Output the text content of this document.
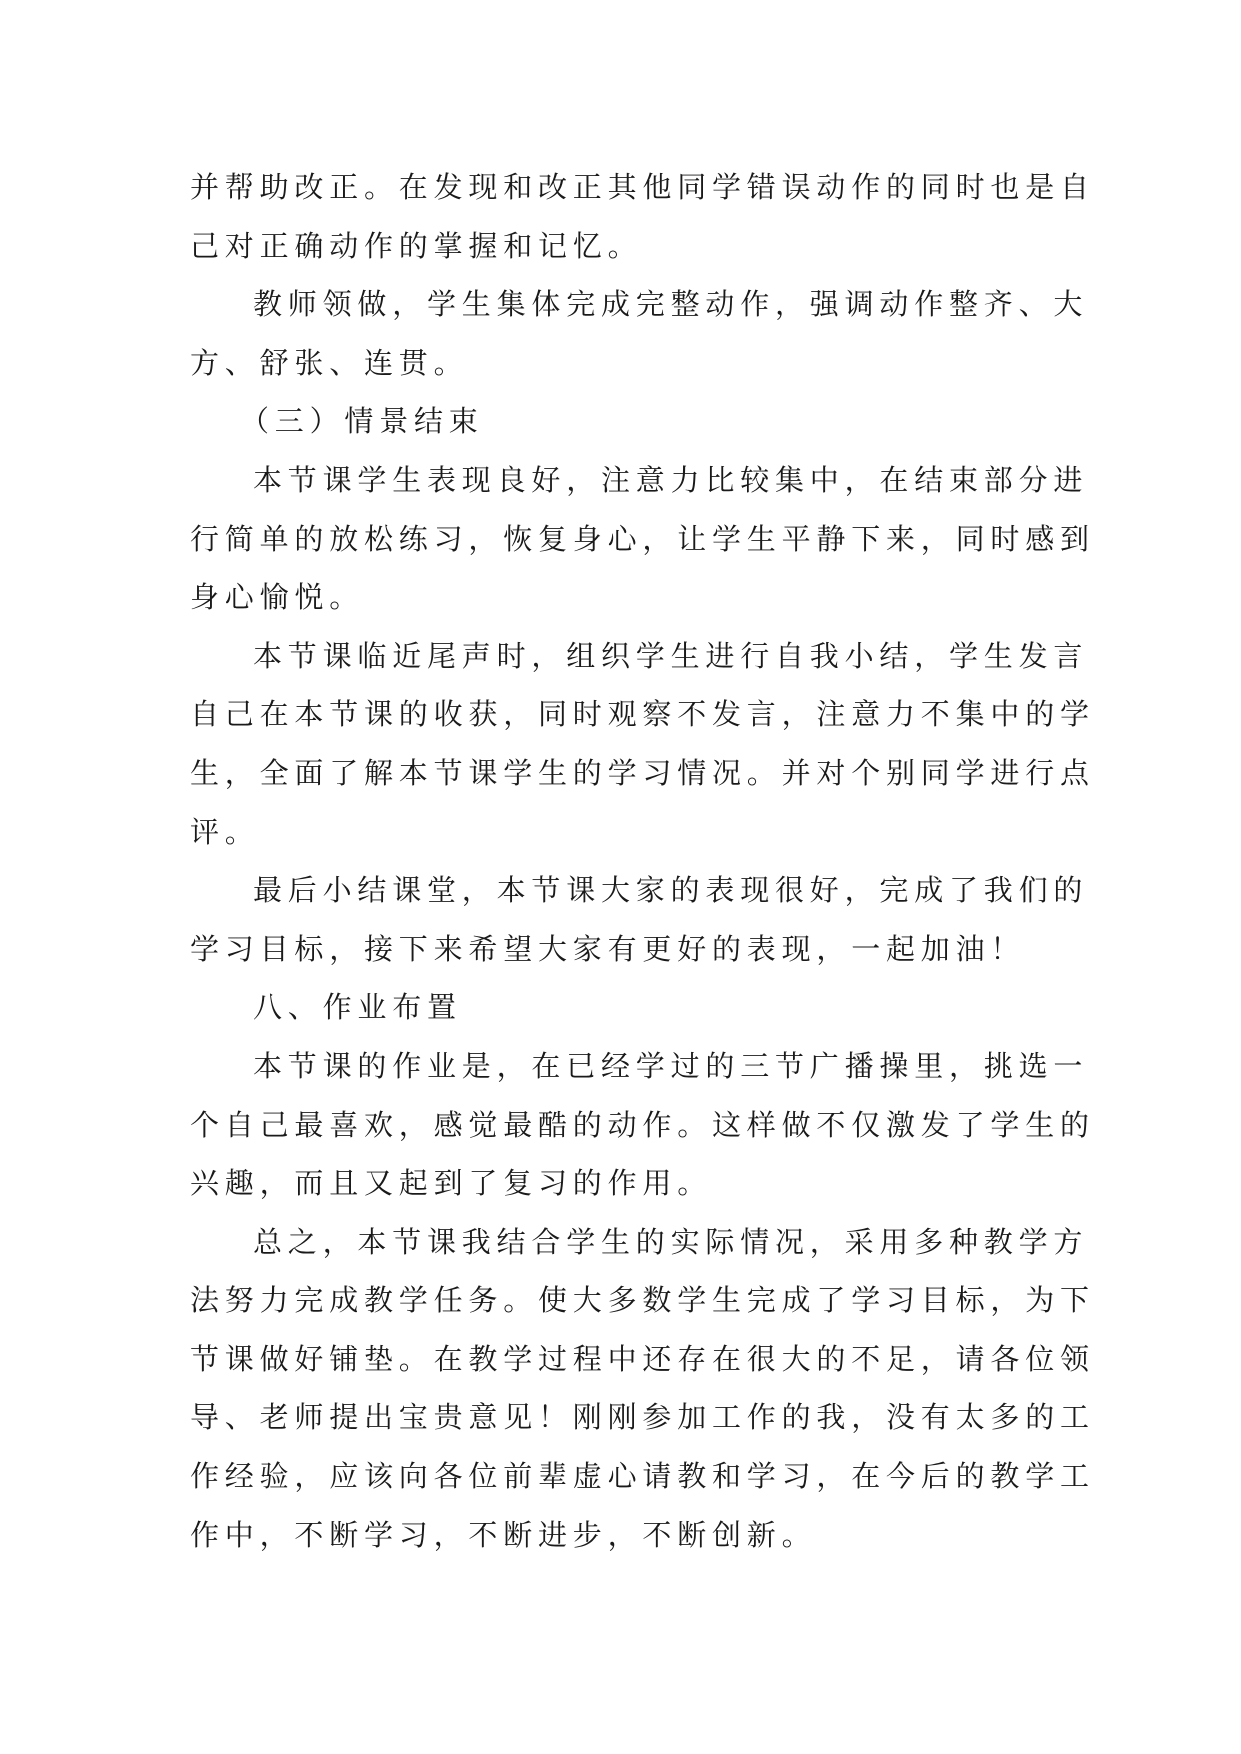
并帮助改正。在发现和改正其他同学错误动作的同时也是自
己对正确动作的掌握和记忆。
教师领做，学生集体完成完整动作，强调动作整齐、大
方、舒张、连贯。
（三）情景结束
本节课学生表现良好，注意力比较集中，在结束部分进
行简单的放松练习，恢复身心，让学生平静下来，同时感到
身心愉悦。
本节课临近尾声时，组织学生进行自我小结，学生发言
自己在本节课的收获，同时观察不发言，注意力不集中的学
生，全面了解本节课学生的学习情况。并对个别同学进行点
评。
最后小结课堂，本节课大家的表现很好，完成了我们的
学习目标，接下来希望大家有更好的表现，一起加油！
八、作业布置
本节课的作业是，在已经学过的三节广播操里，挑选一
个自己最喜欢，感觉最酷的动作。这样做不仅激发了学生的
兴趣，而且又起到了复习的作用。
总之，本节课我结合学生的实际情况，采用多种教学方
法努力完成教学任务。使大多数学生完成了学习目标，为下
节课做好铺垫。在教学过程中还存在很大的不足，请各位领
导、老师提出宝贵意见！刚刚参加工作的我，没有太多的工
作经验，应该向各位前辈虚心请教和学习，在今后的教学工
作中，不断学习，不断进步，不断创新。
